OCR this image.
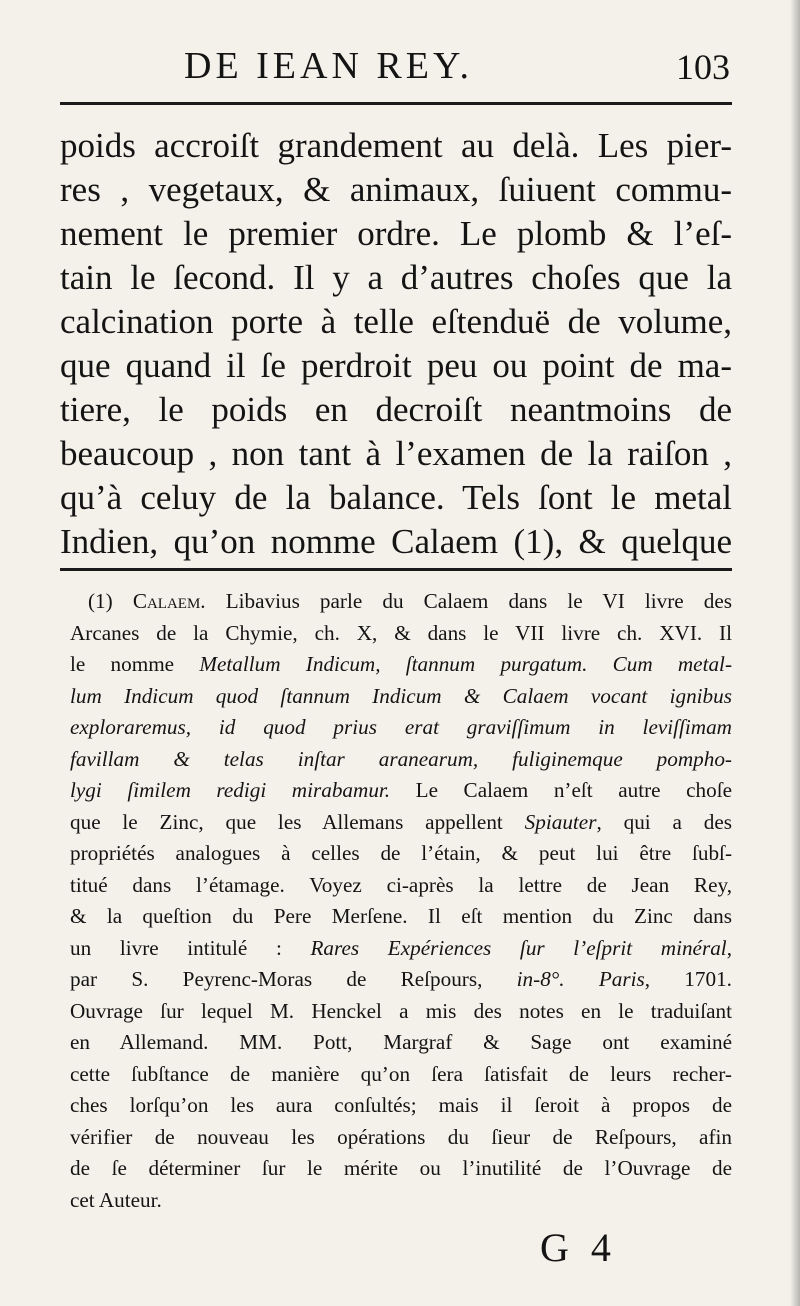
DE IEAN REY.	103
poids accroiſt grandement au delà. Les pier-
res , vegetaux, & animaux, ſuiuent commu-
nement le premier ordre. Le plomb & l’eſ-
tain le ſecond. Il y a d’autres choſes que la
calcination porte à telle eſtenduë de volume,
que quand il ſe perdroit peu ou point de ma-
tiere, le poids en decroiſt neantmoins de
beaucoup , non tant à l’examen de la raiſon ,
qu’à celuy de la balance. Tels ſont le metal
Indien, qu’on nomme Calaem (1), & quelque
(1) Calaem. Libavius parle du Calaem dans le VI livre des
Arcanes de la Chymie, ch. X, & dans le VII livre ch. XVI. Il
le nomme Metallum Indicum, ſtannum purgatum. Cum metal-
lum Indicum quod ſtannum Indicum & Calaem vocant ignibus
exploraremus, id quod prius erat graviſſimum in leviſſimam
favillam & telas inſtar aranearum, fuliginemque pompho-
lygi ſimilem redigi mirabamur. Le Calaem n’eſt autre choſe
que le Zinc, que les Allemans appellent Spiauter, qui a des
propriétés analogues à celles de l’étain, & peut lui être ſubſ-
titué dans l’étamage. Voyez ci-après la lettre de Jean Rey,
& la queſtion du Pere Merſene. Il eſt mention du Zinc dans
un livre intitulé : Rares Expériences ſur l’eſprit minéral,
par S. Peyrenc-Moras de Reſpours, in-8°. Paris, 1701.
Ouvrage ſur lequel M. Henckel a mis des notes en le traduiſant
en Allemand. MM. Pott, Margraf & Sage ont examiné
cette ſubſtance de manière qu’on ſera ſatisfait de leurs recher-
ches lorſqu’on les aura conſultés; mais il ſeroit à propos de
vérifier de nouveau les opérations du ſieur de Reſpours, afin
de ſe déterminer ſur le mérite ou l’inutilité de l’Ouvrage de
cet Auteur.
G 4
